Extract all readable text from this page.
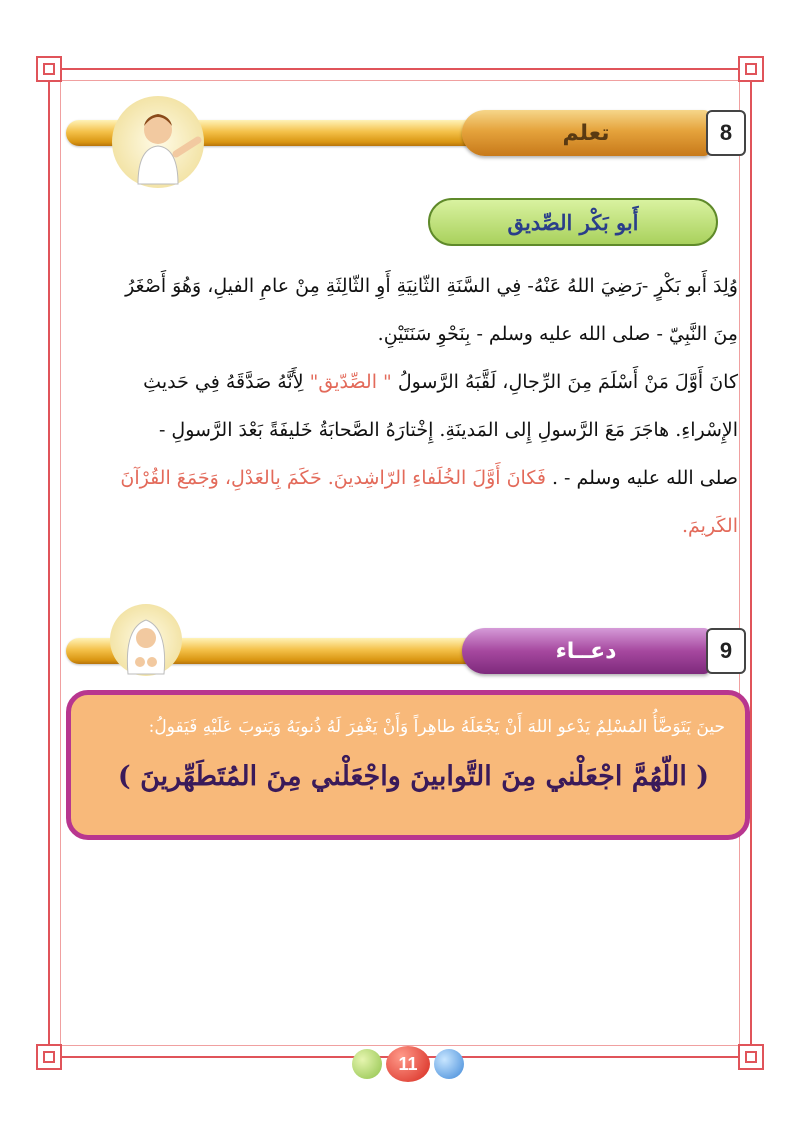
تعلم	8
أَبو بَكْر الصِّديق
وُلِدَ أَبو بَكْرٍ -رَضِيَ اللهُ عَنْهُ- فِي السَّنَةِ الثّانِيَةِ أَوِ الثّالِثَةِ مِنْ عامِ الفيلِ، وَهُوَ أَصْغَرُ
مِنَ النَّبِيّ - صلى الله عليه وسلم - بِنَحْوِ سَنَتَيْنِ.
كانَ أَوَّلَ مَنْ أَسْلَمَ مِنَ الرِّجالِ، لَقَّبَهُ الرَّسولُ " الصِّدّيق" لِأَنَّهُ صَدَّقَهُ فِي حَديثِ
الإِسْراءِ. هاجَرَ مَعَ الرَّسولِ إِلى المَدينَةِ. إِخْتارَهُ الصَّحابَةُ خَليفَةً بَعْدَ الرَّسولِ -
صلى الله عليه وسلم - . فَكانَ أَوَّلَ الخُلَفاءِ الرّاشِدينَ. حَكَمَ بِالعَدْلِ، وَجَمَعَ القُرْآنَ
الكَريمَ.
دعــاء	9
حينَ يَتَوَضَّأُ المُسْلِمُ يَدْعو اللهَ أَنْ يَجْعَلَهُ طاهِراً وَأَنْ يَغْفِرَ لَهُ ذُنوبَهُ وَيَتوبَ عَلَيْهِ فَيَقولُ:
( اللّهُمَّ اجْعَلْني مِنَ التَّوابينَ واجْعَلْني مِنَ المُتَطَهِّرينَ )
11
